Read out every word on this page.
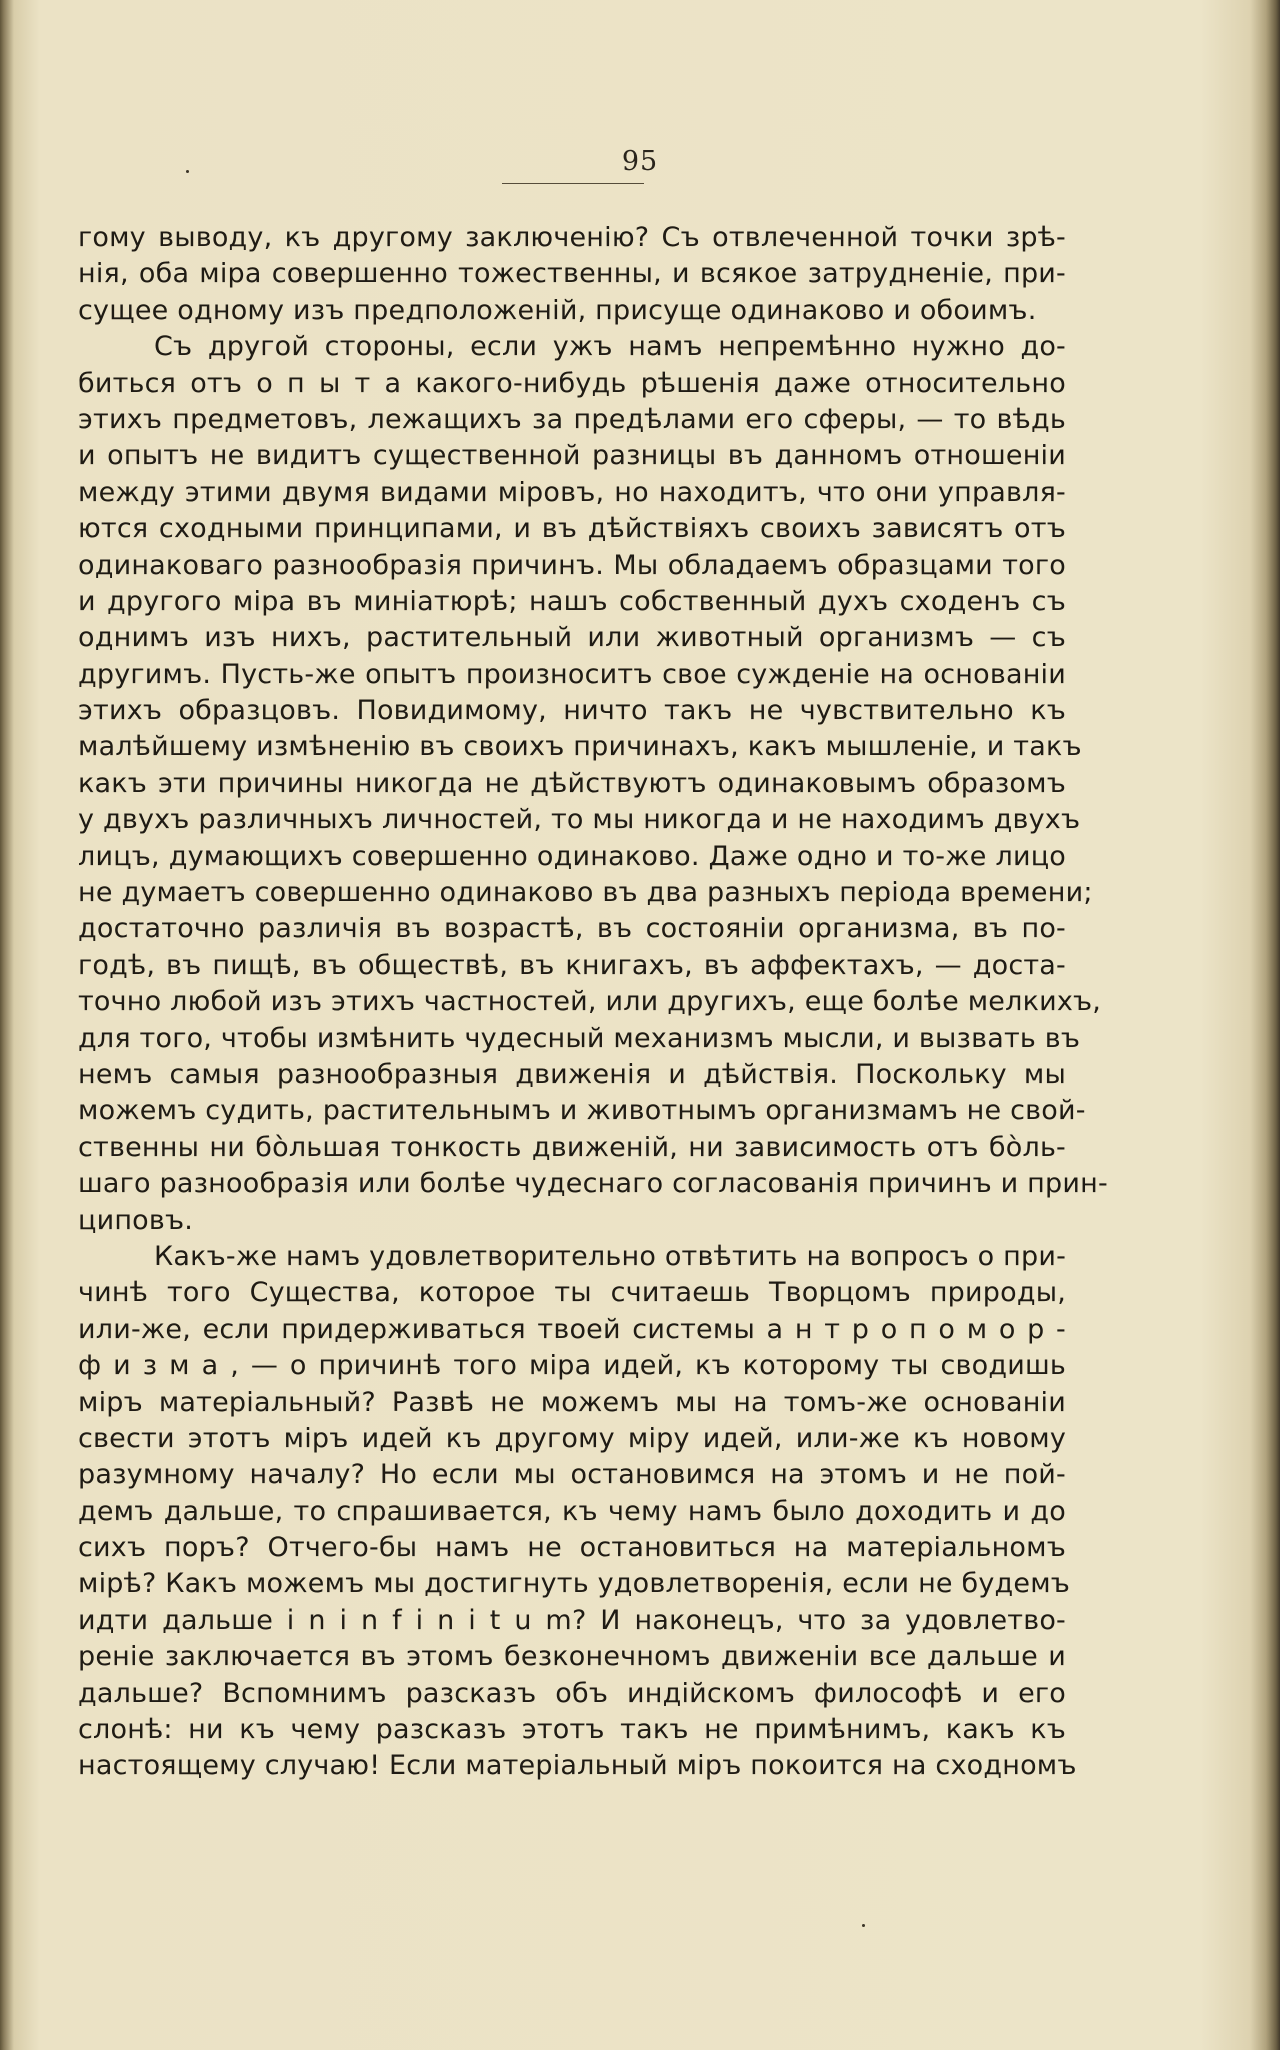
95
гому выводу, къ другому заключенію? Съ отвлеченной точки зрѣ-
нія, оба міра совершенно тожественны, и всякое затрудненіе, при-
сущее одному изъ предположеній, присуще одинаково и обоимъ.
Съ другой стороны, если ужъ намъ непремѣнно нужно до-
биться отъ о п ы т а какого-нибудь рѣшенія даже относительно
этихъ предметовъ, лежащихъ за предѣлами его сферы, — то вѣдь
и опытъ не видитъ существенной разницы въ данномъ отношеніи
между этими двумя видами міровъ, но находитъ, что они управля-
ются сходными принципами, и въ дѣйствіяхъ своихъ зависятъ отъ
одинаковаго разнообразія причинъ. Мы обладаемъ образцами того
и другого міра въ миніатюрѣ; нашъ собственный духъ сходенъ съ
однимъ изъ нихъ, растительный или животный организмъ — съ
другимъ. Пусть-же опытъ произноситъ свое сужденіе на основаніи
этихъ образцовъ. Повидимому, ничто такъ не чувствительно къ
малѣйшему измѣненію въ своихъ причинахъ, какъ мышленіе, и такъ
какъ эти причины никогда не дѣйствуютъ одинаковымъ образомъ
у двухъ различныхъ личностей, то мы никогда и не находимъ двухъ
лицъ, думающихъ совершенно одинаково. Даже одно и то-же лицо
не думаетъ совершенно одинаково въ два разныхъ періода времени;
достаточно различія въ возрастѣ, въ состояніи организма, въ по-
годѣ, въ пищѣ, въ обществѣ, въ книгахъ, въ аффектахъ, — доста-
точно любой изъ этихъ частностей, или другихъ, еще болѣе мелкихъ,
для того, чтобы измѣнить чудесный механизмъ мысли, и вызвать въ
немъ самыя разнообразныя движенія и дѣйствія. Поскольку мы
можемъ судить, растительнымъ и животнымъ организмамъ не свой-
ственны ни бо̀льшая тонкость движеній, ни зависимость отъ бо̀ль-
шаго разнообразія или болѣе чудеснаго согласованія причинъ и прин-
циповъ.
Какъ-же намъ удовлетворительно отвѣтить на вопросъ о при-
чинѣ того Существа, которое ты считаешь Творцомъ природы,
или-же, если придерживаться твоей системы а н т р о п о м о р -
ф и з м а , — о причинѣ того міра идей, къ которому ты сводишь
міръ матеріальный? Развѣ не можемъ мы на томъ-же основаніи
свести этотъ міръ идей къ другому міру идей, или-же къ новому
разумному началу? Но если мы остановимся на этомъ и не пой-
демъ дальше, то спрашивается, къ чему намъ было доходить и до
сихъ поръ? Отчего-бы намъ не остановиться на матеріальномъ
мірѣ? Какъ можемъ мы достигнуть удовлетворенія, если не будемъ
идти дальше i n i n f i n i t u m? И наконецъ, что за удовлетво-
реніе заключается въ этомъ безконечномъ движеніи все дальше и
дальше? Вспомнимъ разсказъ объ индійскомъ философѣ и его
слонѣ: ни къ чему разсказъ этотъ такъ не примѣнимъ, какъ къ
настоящему случаю! Если матеріальный міръ покоится на сходномъ
